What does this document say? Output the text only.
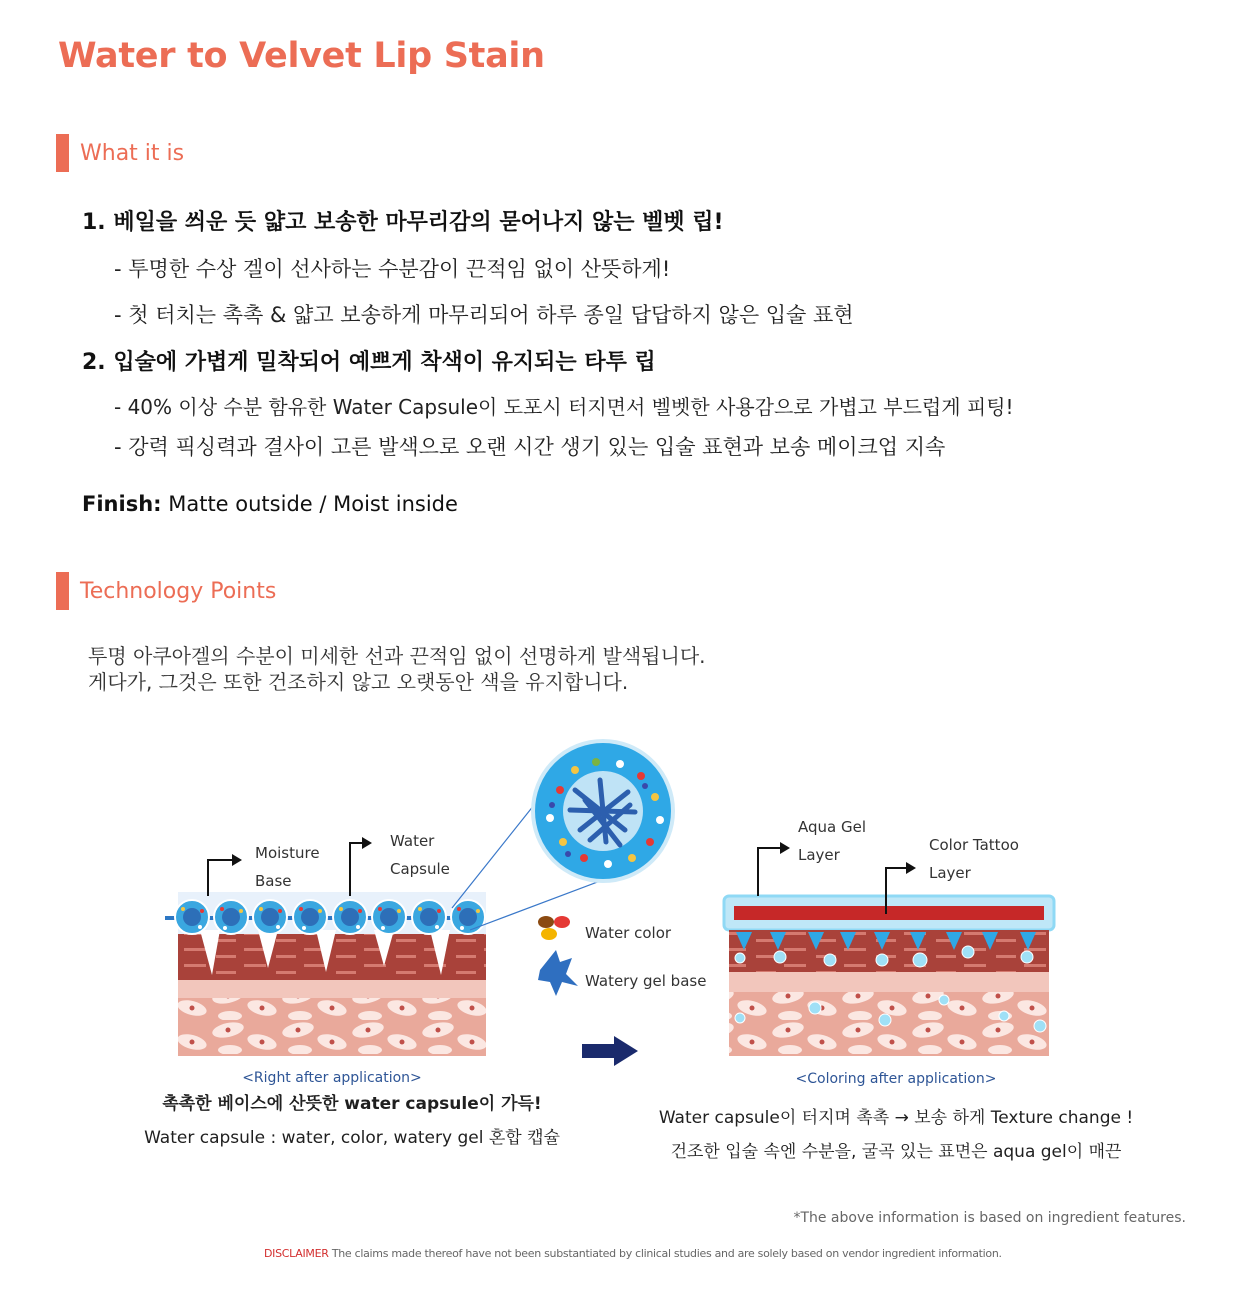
Water to Velvet Lip Stain
What it is
1. 베일을 씌운 듯 얇고 보송한 마무리감의 묻어나지 않는 벨벳 립!
- 투명한 수상 겔이 선사하는 수분감이 끈적임 없이 산뜻하게!
- 첫 터치는 촉촉 & 얇고 보송하게 마무리되어 하루 종일 답답하지 않은 입술 표현
2. 입술에 가볍게 밀착되어 예쁘게 착색이 유지되는 타투 립
- 40% 이상 수분 함유한 Water Capsule이 도포시 터지면서 벨벳한 사용감으로 가볍고 부드럽게 피팅!
- 강력 픽싱력과 결사이 고른 발색으로 오랜 시간 생기 있는 입술 표현과 보송 메이크업 지속
Finish: Matte outside / Moist inside
Technology Points
투명 아쿠아겔의 수분이 미세한 선과 끈적임 없이 선명하게 발색됩니다.
게다가, 그것은 또한 건조하지 않고 오랫동안 색을 유지합니다.
Moisture
Base
Water
Capsule
Water color
Watery gel base
Aqua Gel
Layer
Color Tattoo
Layer
<Right after application>	<Coloring after application>
촉촉한 베이스에 산뜻한 water capsule이 가득!
Water capsule : water, color, watery gel 혼합 캡슐
Water capsule이 터지며 촉촉 → 보송 하게 Texture change !
건조한 입술 속엔 수분을, 굴곡 있는 표면은 aqua gel이 매끈
*The above information is based on ingredient features.
DISCLAIMER The claims made thereof have not been substantiated by clinical studies and are solely based on vendor ingredient information.
